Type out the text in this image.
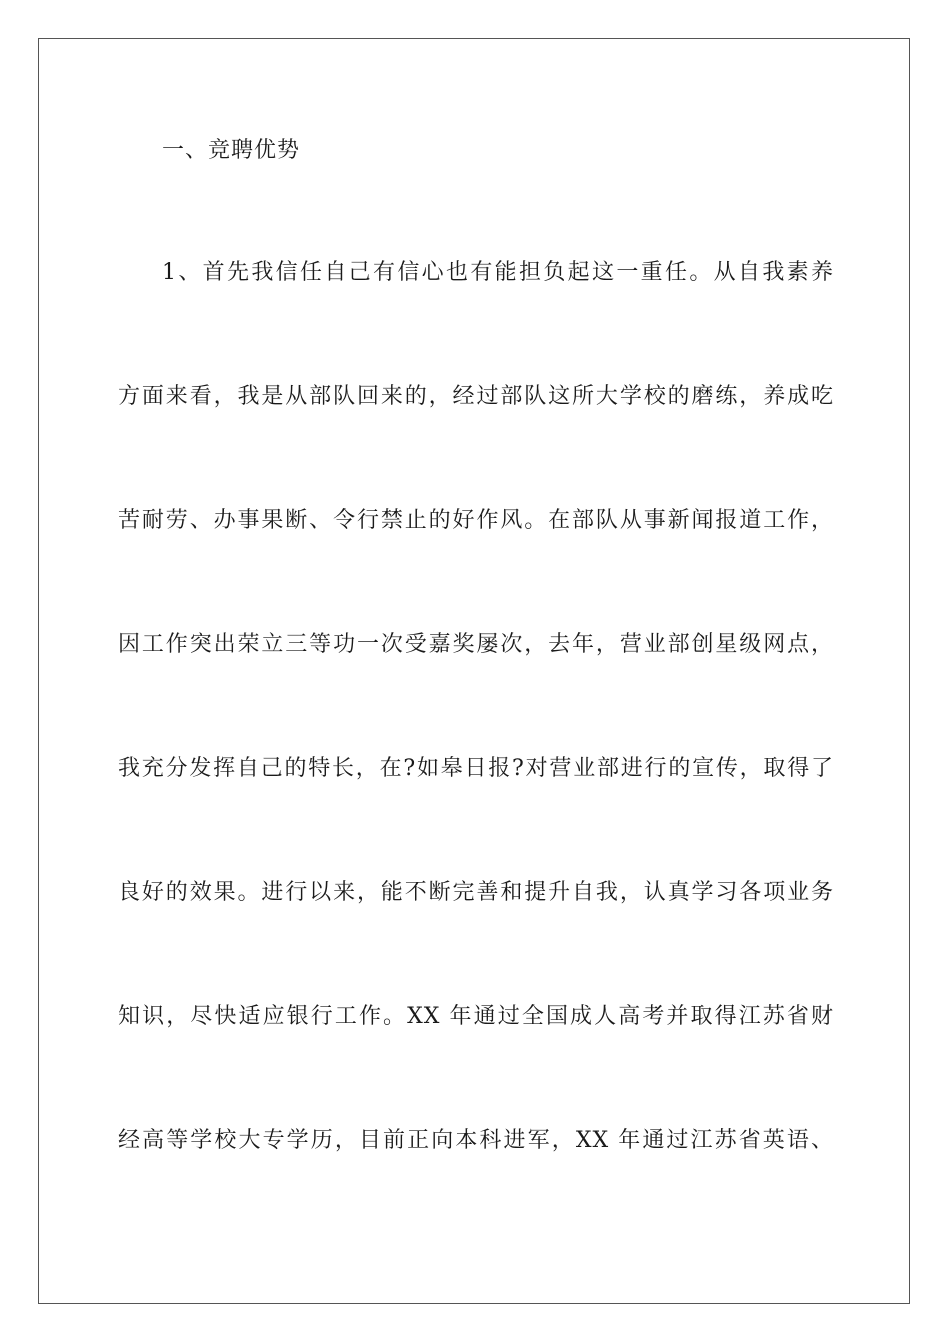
一、竞聘优势
1、首先我信任自己有信心也有能担负起这一重任。从自我素养
方面来看，我是从部队回来的，经过部队这所大学校的磨练，养成吃
苦耐劳、办事果断、令行禁止的好作风。在部队从事新闻报道工作，
因工作突出荣立三等功一次受嘉奖屡次，去年，营业部创星级网点，
我充分发挥自己的特长，在?如皋日报?对营业部进行的宣传，取得了
良好的效果。进行以来，能不断完善和提升自我，认真学习各项业务
知识，尽快适应银行工作。XX 年通过全国成人高考并取得江苏省财
经高等学校大专学历，目前正向本科进军，XX 年通过江苏省英语、
